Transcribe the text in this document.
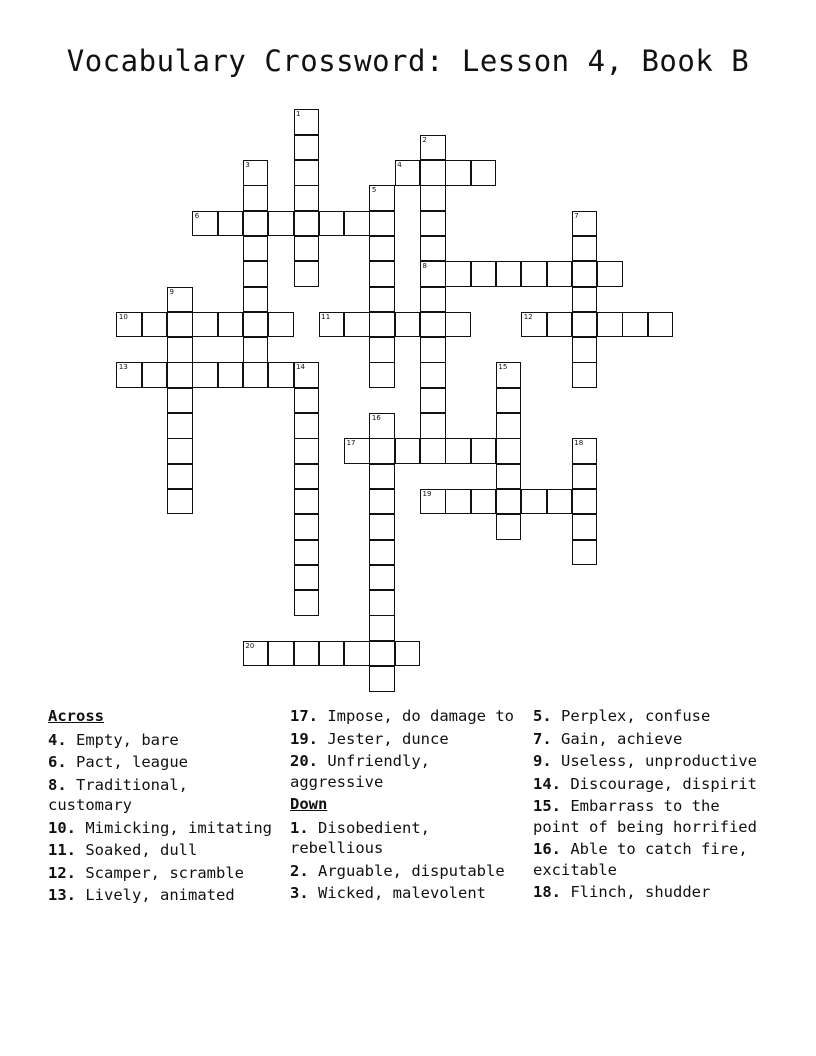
Vocabulary Crossword: Lesson 4, Book B
1
2
8
3	4
5
6	7
9
10	11	12
13	14	15
16
17	18
19
20
Across
4. Empty, bare
6. Pact, league
8. Traditional, customary
10. Mimicking, imitating
11. Soaked, dull
12. Scamper, scramble
13. Lively, animated
17. Impose, do damage to
19. Jester, dunce
20. Unfriendly, aggressive
Down
1. Disobedient, rebellious
2. Arguable, disputable
3. Wicked, malevolent
5. Perplex, confuse
7. Gain, achieve
9. Useless, unproductive
14. Discourage, dispirit
15. Embarrass to the point of being horrified
16. Able to catch fire, excitable
18. Flinch, shudder
